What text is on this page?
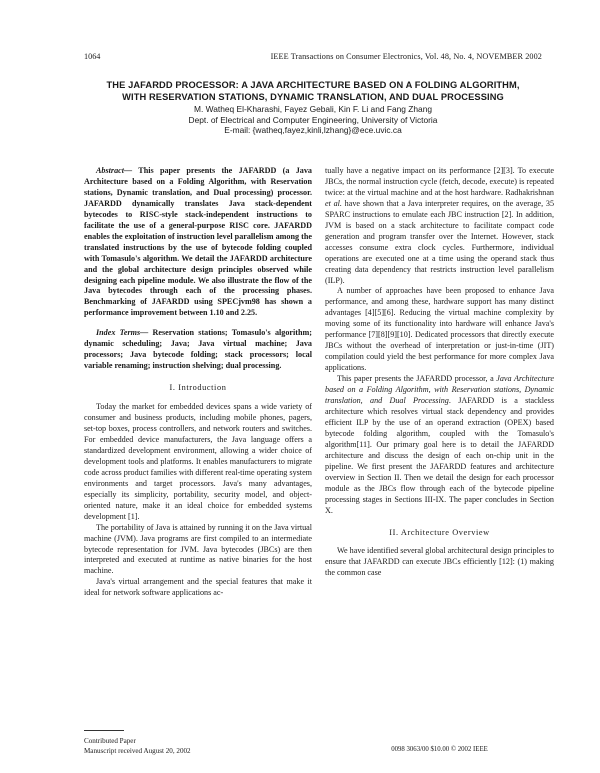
1064	IEEE Transactions on Consumer Electronics, Vol. 48, No. 4, NOVEMBER 2002
THE JAFARDD PROCESSOR: A JAVA ARCHITECTURE BASED ON A FOLDING ALGORITHM,
WITH RESERVATION STATIONS, DYNAMIC TRANSLATION, AND DUAL PROCESSING
M. Watheq El-Kharashi, Fayez Gebali, Kin F. Li and Fang Zhang
Dept. of Electrical and Computer Engineering, University of Victoria
E-mail: {watheq,fayez,kinli,lzhang}@ece.uvic.ca

Abstract— This paper presents the JAFARDD (a Java Architecture based on a Folding Algorithm, with Reservation stations, Dynamic translation, and Dual processing) processor. JAFARDD dynamically translates Java stack-dependent bytecodes to RISC-style stack-independent instructions to facilitate the use of a general-purpose RISC core. JAFARDD enables the exploitation of instruction level parallelism among the translated instructions by the use of bytecode folding coupled with Tomasulo's algorithm. We detail the JAFARDD architecture and the global architecture design principles observed while designing each pipeline module. We also illustrate the flow of the Java bytecodes through each of the processing phases. Benchmarking of JAFARDD using SPECjvm98 has shown a performance improvement between 1.10 and 2.25.

Index Terms— Reservation stations; Tomasulo's algorithm; dynamic scheduling; Java; Java virtual machine; Java processors; Java bytecode folding; stack processors; local variable renaming; instruction shelving; dual processing.

I. Introduction

Today the market for embedded devices spans a wide variety of consumer and business products, including mobile phones, pagers, set-top boxes, process controllers, and network routers and switches. For embedded device manufacturers, the Java language offers a standardized development environment, allowing a wider choice of development tools and platforms. It enables manufacturers to migrate code across product families with different real-time operating system environments and target processors. Java's many advantages, especially its simplicity, portability, security model, and object-oriented nature, make it an ideal choice for embedded systems development [1].

The portability of Java is attained by running it on the Java virtual machine (JVM). Java programs are first compiled to an intermediate bytecode representation for JVM. Java bytecodes (JBCs) are then interpreted and executed at runtime as native binaries for the host machine.

Java's virtual arrangement and the special features that make it ideal for network software applications ac-

tually have a negative impact on its performance [2][3]. To execute JBCs, the normal instruction cycle (fetch, decode, execute) is repeated twice: at the virtual machine and at the host hardware. Radhakrishnan et al. have shown that a Java interpreter requires, on the average, 35 SPARC instructions to emulate each JBC instruction [2]. In addition, JVM is based on a stack architecture to facilitate compact code generation and program transfer over the Internet. However, stack accesses consume extra clock cycles. Furthermore, individual operations are executed one at a time using the operand stack thus creating data dependency that restricts instruction level parallelism (ILP).

A number of approaches have been proposed to enhance Java performance, and among these, hardware support has many distinct advantages [4][5][6]. Reducing the virtual machine complexity by moving some of its functionality into hardware will enhance Java's performance [7][8][9][10]. Dedicated processors that directly execute JBCs without the overhead of interpretation or just-in-time (JIT) compilation could yield the best performance for more complex Java applications.

This paper presents the JAFARDD processor, a Java Architecture based on a Folding Algorithm, with Reservation stations, Dynamic translation, and Dual Processing. JAFARDD is a stackless architecture which resolves virtual stack dependency and provides efficient ILP by the use of an operand extraction (OPEX) based bytecode folding algorithm, coupled with the Tomasulo's algorithm[11]. Our primary goal here is to detail the JAFARDD architecture and discuss the design of each on-chip unit in the pipeline. We first present the JAFARDD features and architecture overview in Section II. Then we detail the design for each processor module as the JBCs flow through each of the bytecode pipeline processing stages in Sections III-IX. The paper concludes in Section X.

II. Architecture Overview

We have identified several global architectural design principles to ensure that JAFARDD can execute JBCs efficiently [12]: (1) making the common case

Contributed Paper
Manuscript received August 20, 2002	0098 3063/00 $10.00 © 2002 IEEE
